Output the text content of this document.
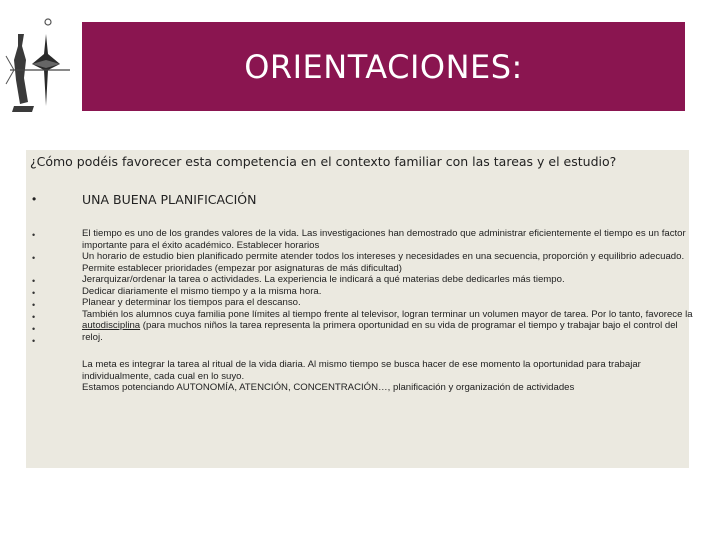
ORIENTACIONES:
¿Cómo podéis favorecer esta competencia en el contexto familiar con las tareas y el estudio?
•	UNA BUENA PLANIFICACIÓN
•
•
•
•
•
•
•
•

El tiempo es uno de los grandes valores de la vida. Las investigaciones han demostrado que administrar eficientemente el tiempo es un factor importante para el éxito académico. Establecer horarios

Un horario de estudio bien planificado permite atender todos los intereses y necesidades en una secuencia, proporción y equilibrio adecuado.

Permite establecer prioridades (empezar por asignaturas de más dificultad)

Jerarquizar/ordenar la tarea o actividades. La experiencia le indicará a qué materias debe dedicarles más tiempo.

Dedicar diariamente el mismo tiempo y a la misma hora.

Planear y determinar los tiempos para el descanso.

También los alumnos cuya familia pone límites al tiempo frente al televisor, logran terminar un volumen mayor de tarea. Por lo tanto, favorece la autodisciplina (para muchos niños la tarea representa la primera oportunidad en su vida de programar el tiempo y trabajar bajo el control del reloj.

La meta es integrar la tarea al ritual de la vida diaria. Al mismo tiempo se busca hacer de ese momento la oportunidad para trabajar individualmente, cada cual en lo suyo.

Estamos potenciando AUTONOMÍA, ATENCIÓN, CONCENTRACIÓN…, planificación y organización de actividades
